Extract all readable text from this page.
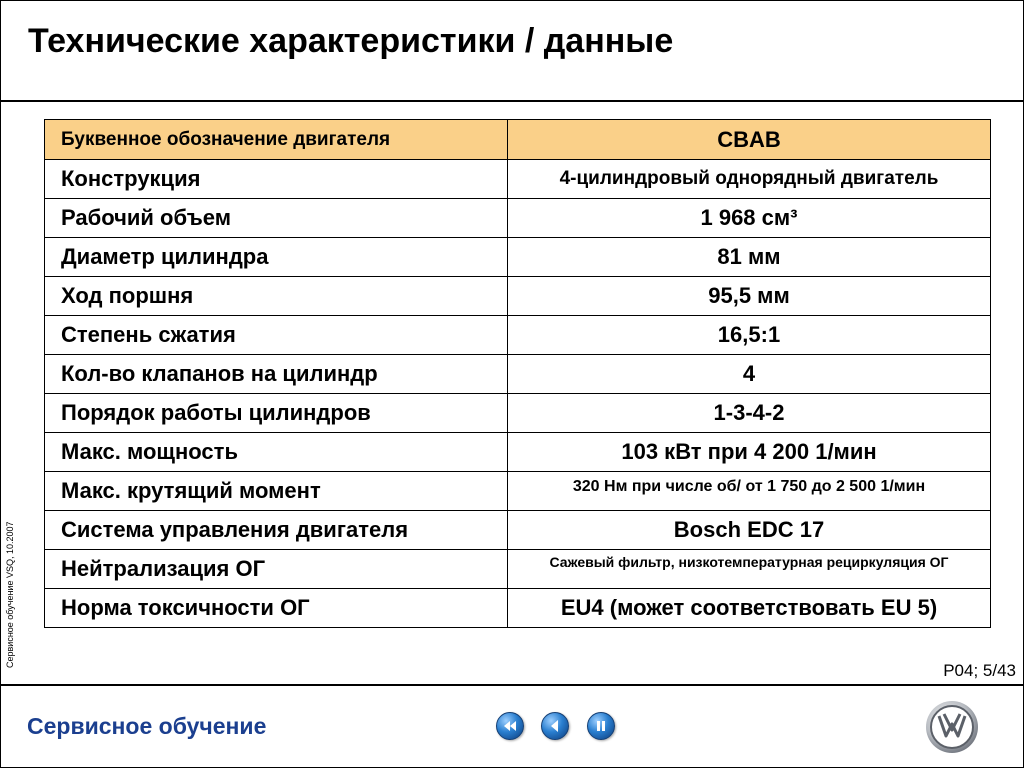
Технические характеристики / данные
Буквенное обозначение двигателя	CBAB
Конструкция	4-цилиндровый однорядный двигатель
Рабочий объем	1 968 см³
Диаметр цилиндра	81 мм
Ход поршня	95,5 мм
Степень сжатия	16,5:1
Кол-во клапанов на цилиндр	4
Порядок работы цилиндров	1-3-4-2
Макс. мощность	103 кВт при 4 200 1/мин
Макс. крутящий момент	320 Нм при числе об/ от 1 750 до 2 500 1/мин
Система управления двигателя	Bosch EDC 17
Нейтрализация ОГ	Сажевый фильтр, низкотемпературная рециркуляция ОГ
Норма токсичности ОГ	EU4 (может соответствовать EU 5)
Сервисное обучение VSQ, 10.2007
P04; 5/43
Сервисное обучение
